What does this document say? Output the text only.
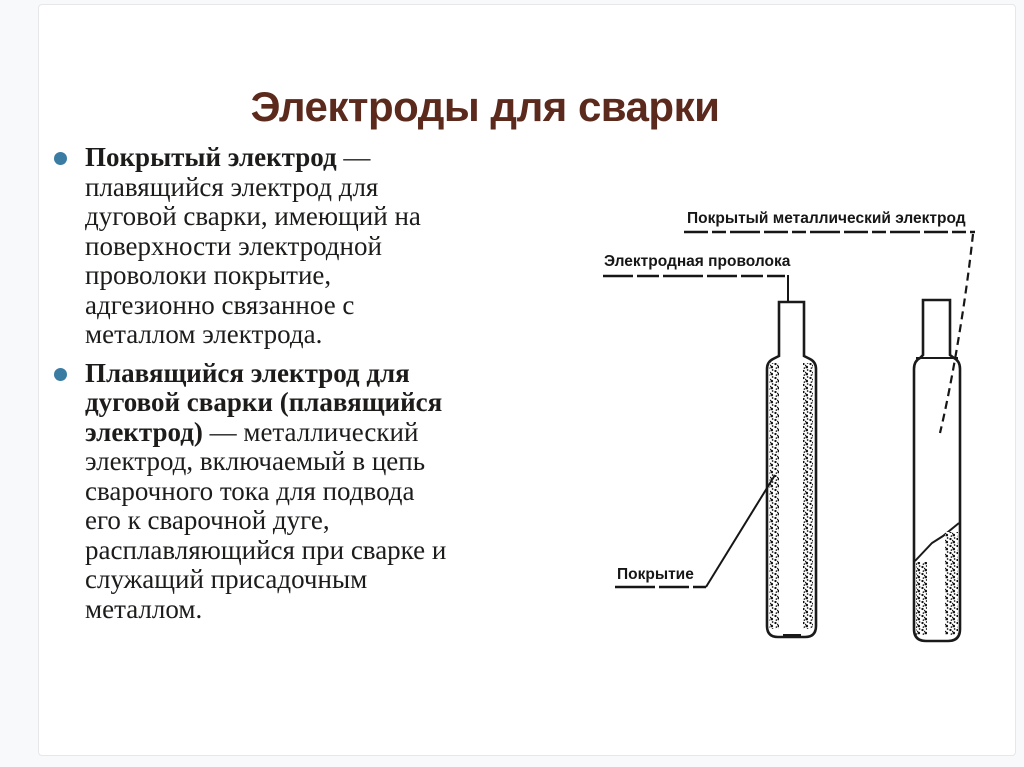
Электроды для сварки
Покрытый электрод —
плавящийся электрод для
дуговой сварки, имеющий на
поверхности электродной
проволоки покрытие,
адгезионно связанное с
металлом электрода.
Плавящийся электрод для
дуговой сварки (плавящийся
электрод) — металлический
электрод, включаемый в цепь
сварочного тока для подвода
его к сварочной дуге,
расплавляющийся при сварке и
служащий присадочным
металлом.
Покрытый металлический электрод
Электродная проволока
Покрытие
